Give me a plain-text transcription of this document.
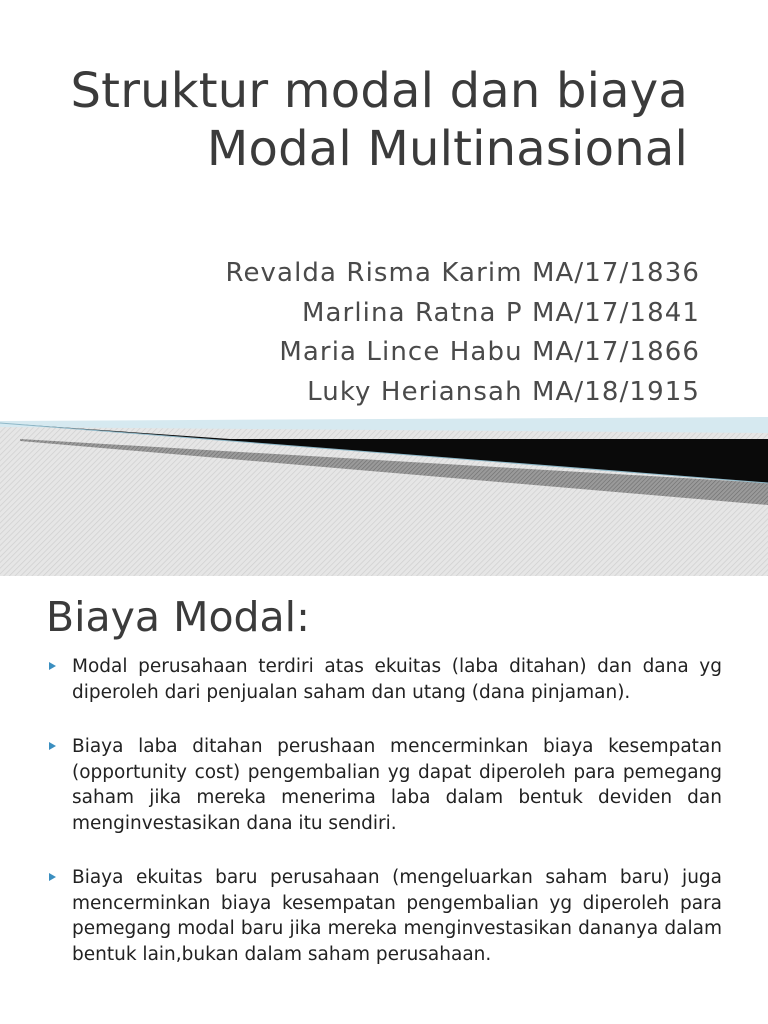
Struktur modal dan biaya
Modal Multinasional
Revalda Risma Karim MA/17/1836
Marlina Ratna P MA/17/1841
Maria Lince Habu MA/17/1866
Luky Heriansah MA/18/1915
Biaya Modal:
Modal perusahaan terdiri atas ekuitas (laba ditahan) dan dana yg diperoleh dari penjualan saham dan utang (dana pinjaman).
Biaya laba ditahan perushaan mencerminkan biaya kesempatan (opportunity cost) pengembalian yg dapat diperoleh para pemegang saham jika mereka menerima laba dalam bentuk deviden dan menginvestasikan dana itu sendiri.
Biaya ekuitas baru perusahaan (mengeluarkan saham baru) juga mencerminkan biaya kesempatan pengembalian yg diperoleh para pemegang modal baru jika mereka menginvestasikan dananya dalam bentuk lain,bukan dalam saham perusahaan.
